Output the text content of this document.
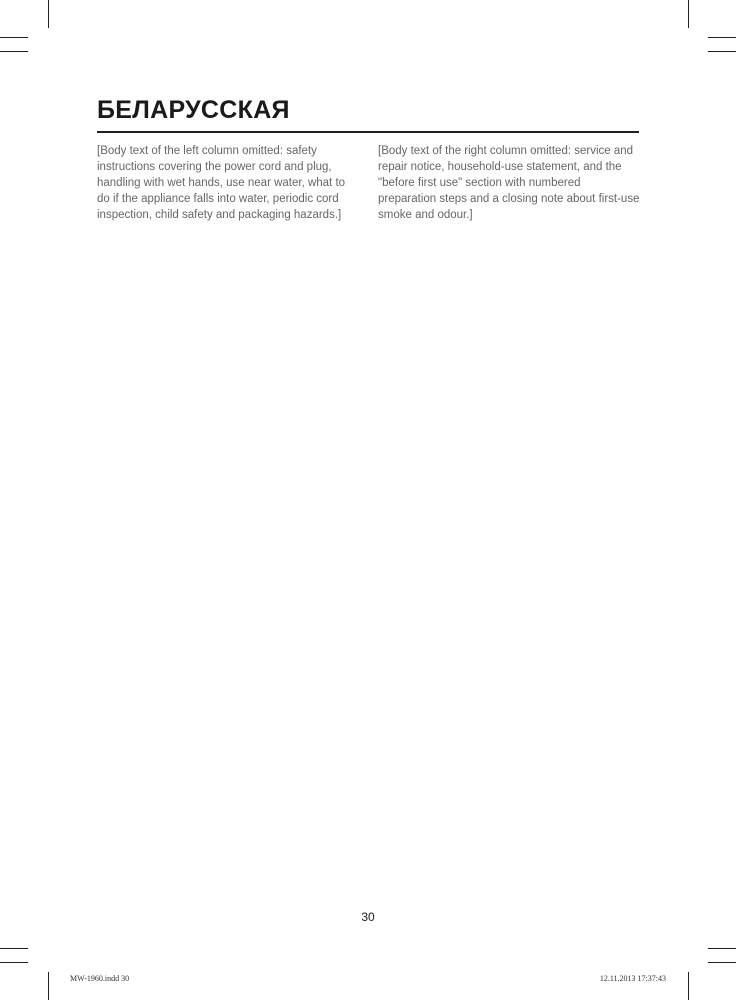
БЕЛАРУССКАЯ

[Body text of the left column omitted: safety instructions covering the power cord and plug, handling with wet hands, use near water, what to do if the appliance falls into water, periodic cord inspection, child safety and packaging hazards.]

[Body text of the right column omitted: service and repair notice, household-use statement, and the "before first use" section with numbered preparation steps and a closing note about first-use smoke and odour.]

30
MW-1960.indd 30	12.11.2013 17:37:43
